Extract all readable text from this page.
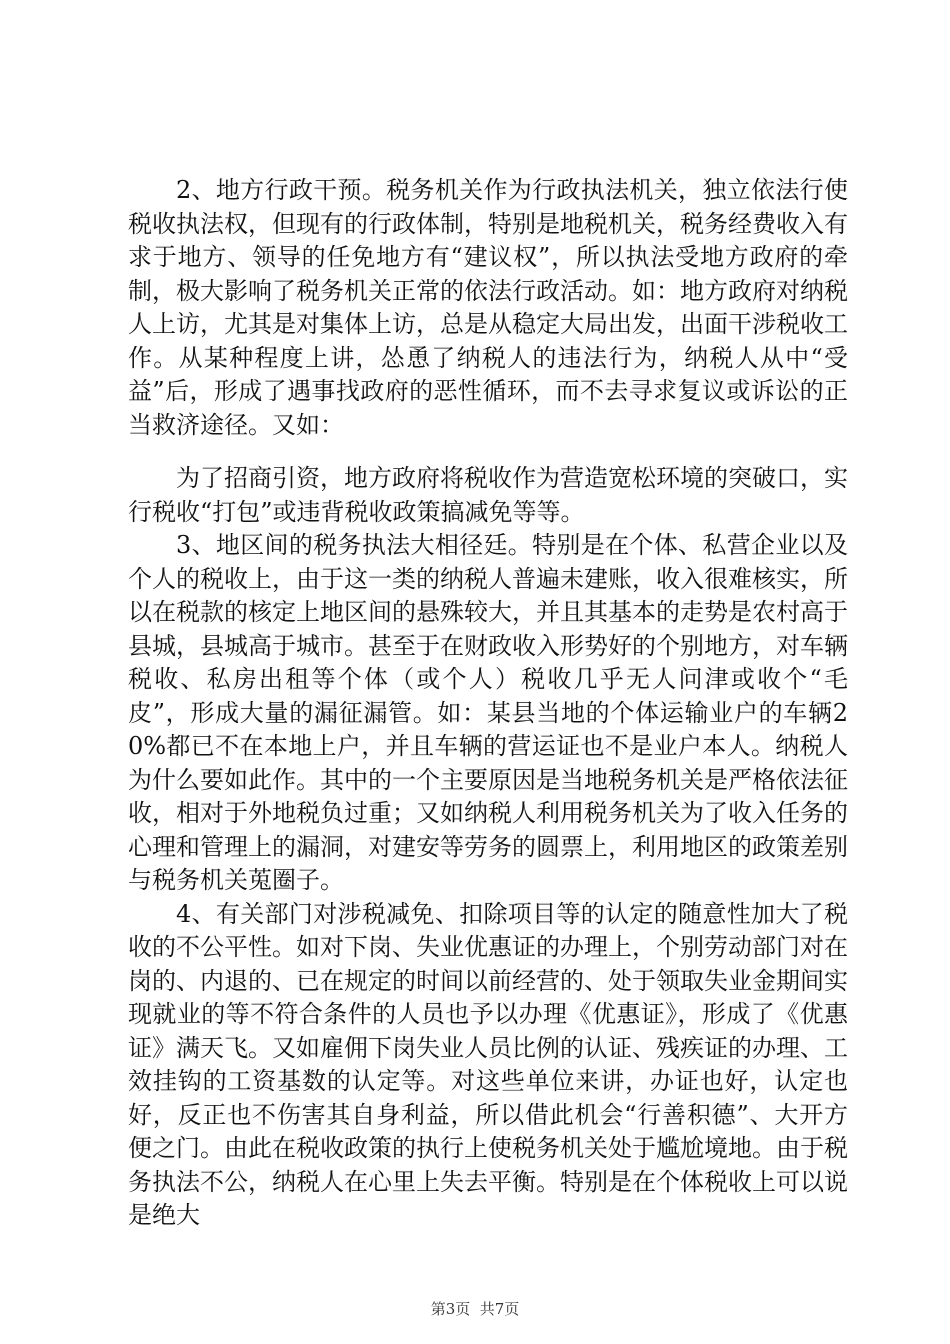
2、地方行政干预。税务机关作为行政执法机关，独立依法行使税收执法权，但现有的行政体制，特别是地税机关，税务经费收入有求于地方、领导的任免地方有“建议权”，所以执法受地方政府的牵制，极大影响了税务机关正常的依法行政活动。如：地方政府对纳税人上访，尤其是对集体上访，总是从稳定大局出发，出面干涉税收工作。从某种程度上讲，怂恿了纳税人的违法行为，纳税人从中“受益”后，形成了遇事找政府的恶性循环，而不去寻求复议或诉讼的正当救济途径。又如：

为了招商引资，地方政府将税收作为营造宽松环境的突破口，实行税收“打包”或违背税收政策搞减免等等。

3、地区间的税务执法大相径廷。特别是在个体、私营企业以及个人的税收上，由于这一类的纳税人普遍未建账，收入很难核实，所以在税款的核定上地区间的悬殊较大，并且其基本的走势是农村高于县城，县城高于城市。甚至于在财政收入形势好的个别地方，对车辆税收、私房出租等个体（或个人）税收几乎无人问津或收个“毛皮”，形成大量的漏征漏管。如：某县当地的个体运输业户的车辆20%都已不在本地上户，并且车辆的营运证也不是业户本人。纳税人为什么要如此作。其中的一个主要原因是当地税务机关是严格依法征收，相对于外地税负过重；又如纳税人利用税务机关为了收入任务的心理和管理上的漏洞，对建安等劳务的圆票上，利用地区的政策差别与税务机关莵圈子。

4、有关部门对涉税减免、扣除项目等的认定的随意性加大了税收的不公平性。如对下岗、失业优惠证的办理上，个别劳动部门对在岗的、内退的、已在规定的时间以前经营的、处于领取失业金期间实现就业的等不符合条件的人员也予以办理《优惠证》，形成了《优惠证》满天飞。又如雇佣下岗失业人员比例的认证、残疾证的办理、工效挂钩的工资基数的认定等。对这些单位来讲，办证也好，认定也好，反正也不伤害其自身利益，所以借此机会“行善积德”、大开方便之门。由此在税收政策的执行上使税务机关处于尴尬境地。由于税务执法不公，纳税人在心里上失去平衡。特别是在个体税收上可以说是绝大

第3页  共7页
